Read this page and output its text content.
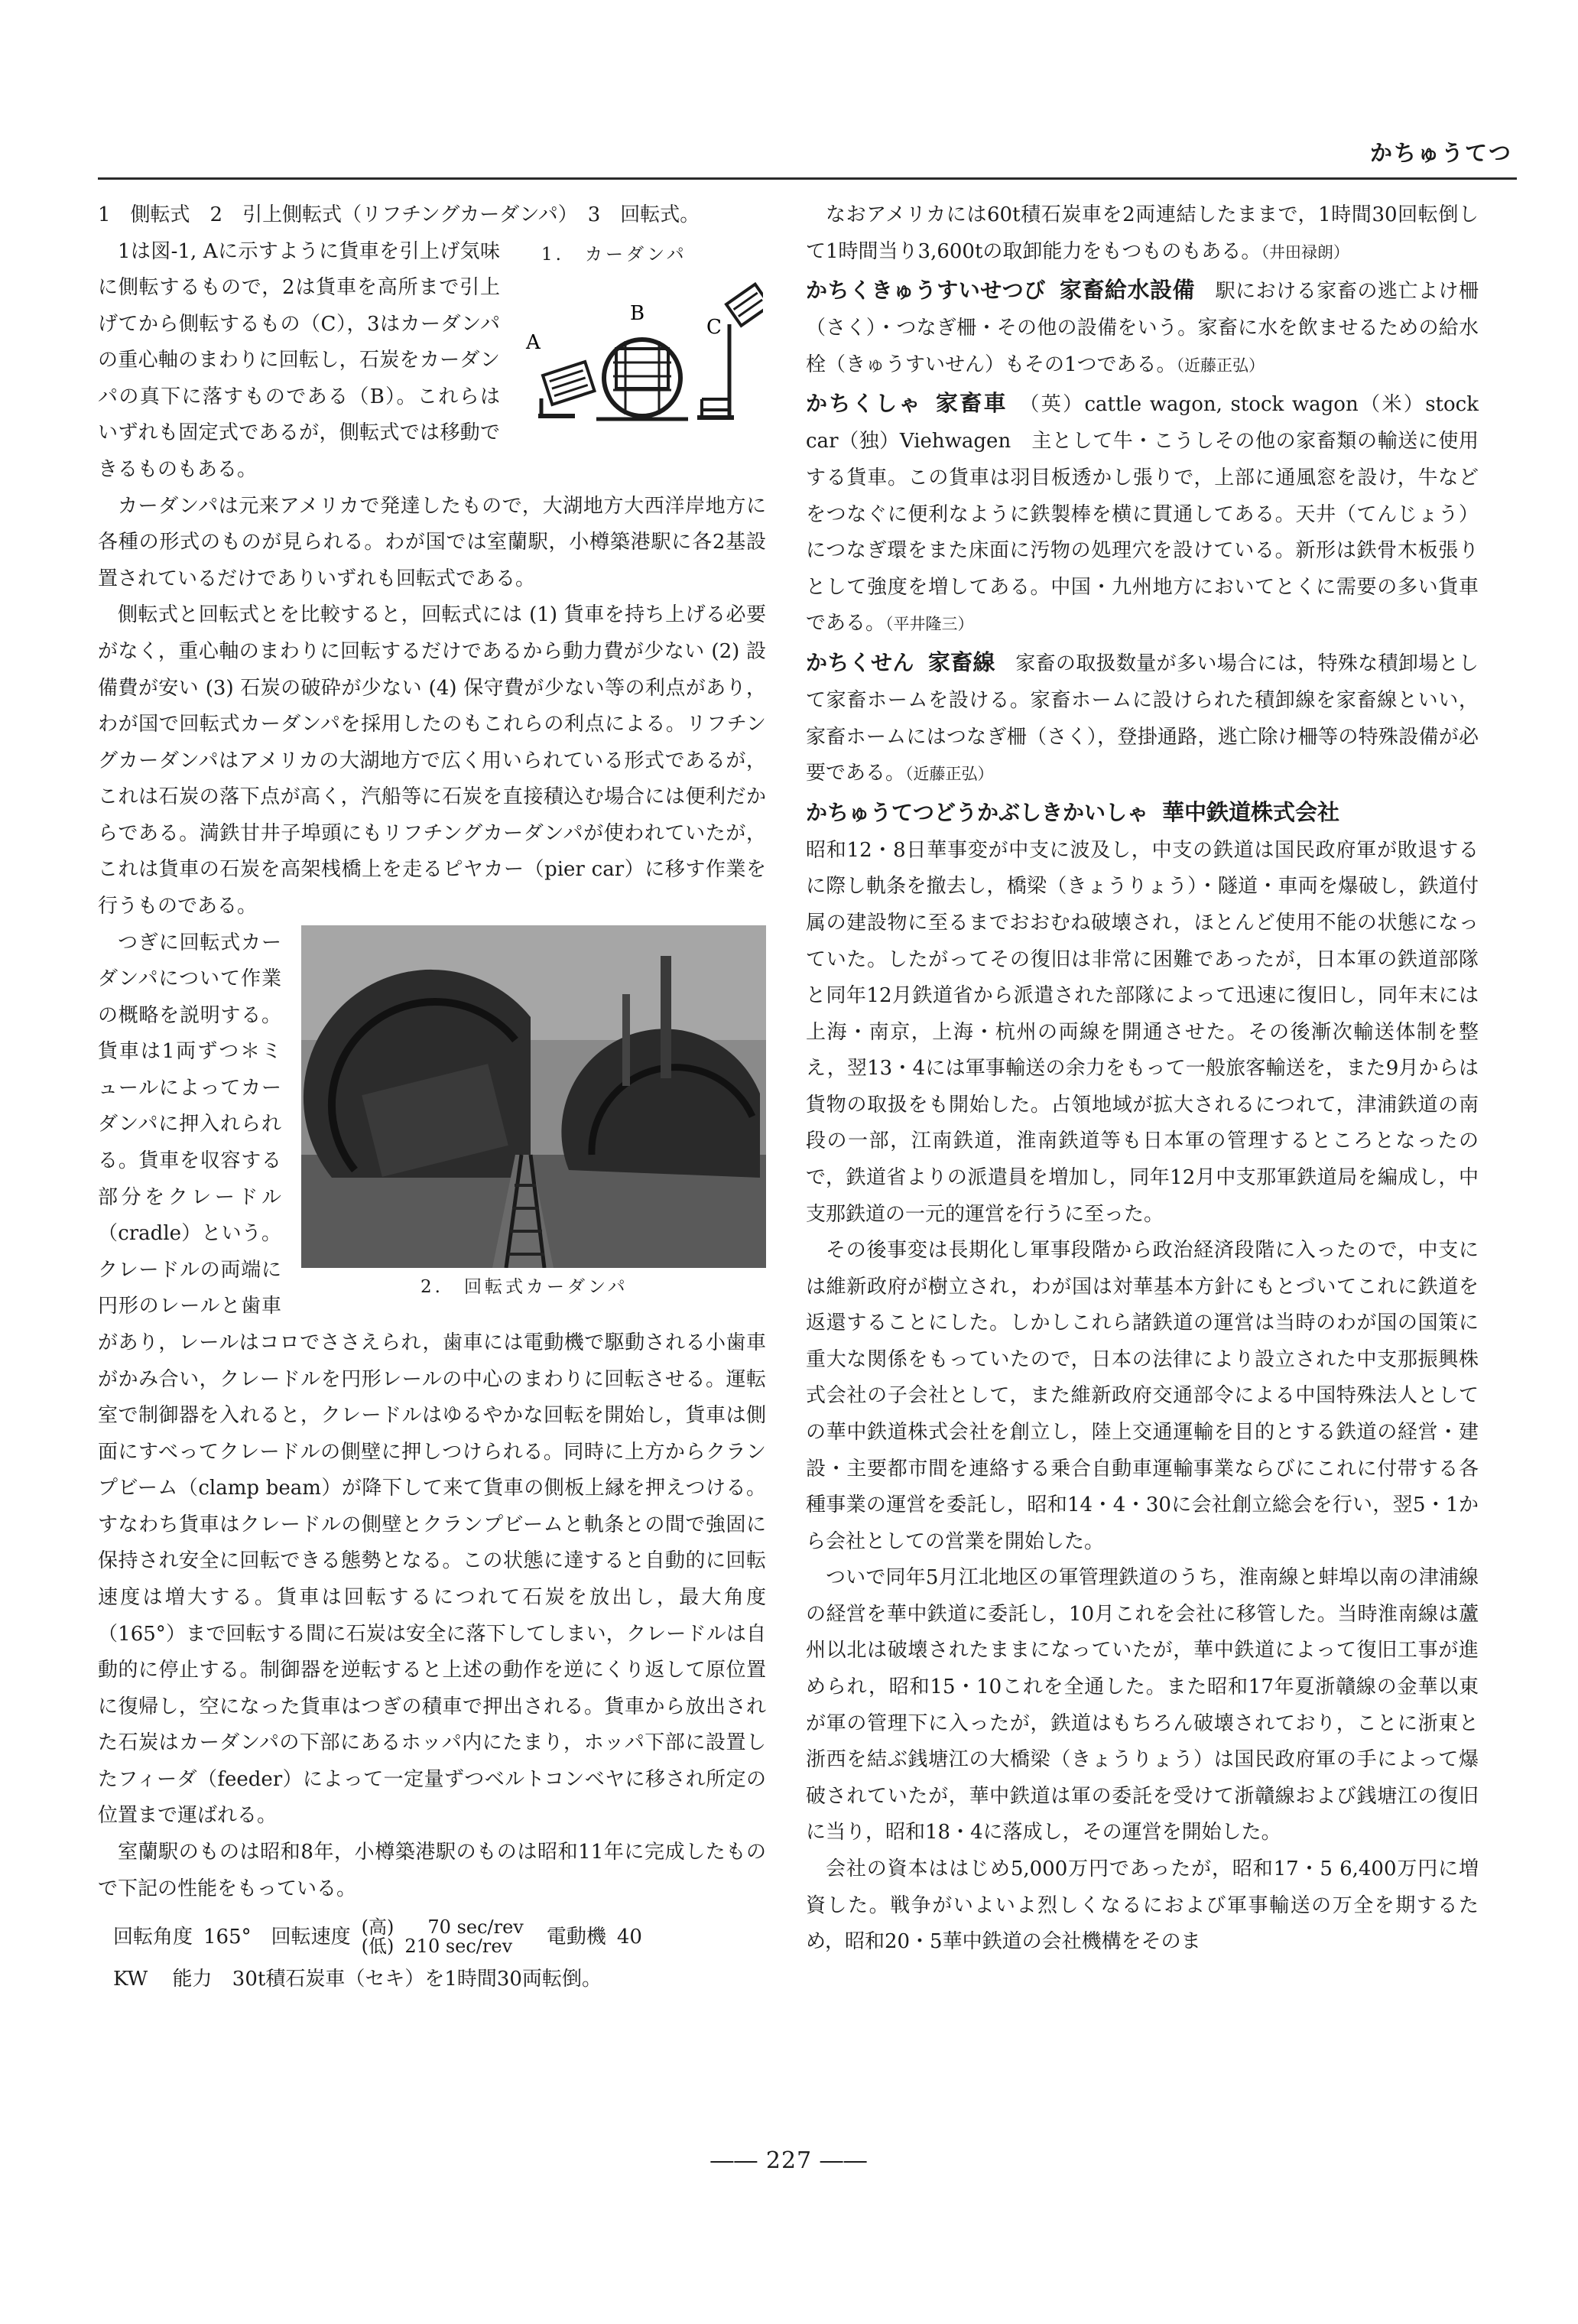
かちゅうてつ

1　側転式　2　引上側転式（リフチングカーダンパ）　3　回転式。

1.　カーダンパ
A
B
C

1は図-1, Aに示すように貨車を引上げ気味に側転するもので，2は貨車を高所まで引上げてから側転するもの（C），3はカーダンパの重心軸のまわりに回転し，石炭をカーダンパの真下に落すものである（B）。これらはいずれも固定式であるが，側転式では移動できるものもある。

カーダンパは元来アメリカで発達したもので，大湖地方大西洋岸地方に各種の形式のものが見られる。わが国では室蘭駅，小樽築港駅に各2基設置されているだけでありいずれも回転式である。

側転式と回転式とを比較すると，回転式には (1) 貨車を持ち上げる必要がなく，重心軸のまわりに回転するだけであるから動力費が少ない (2) 設備費が安い (3) 石炭の破砕が少ない (4) 保守費が少ない等の利点があり，わが国で回転式カーダンパを採用したのもこれらの利点による。リフチングカーダンパはアメリカの大湖地方で広く用いられている形式であるが，これは石炭の落下点が高く，汽船等に石炭を直接積込む場合には便利だからである。満鉄甘井子埠頭にもリフチングカーダンパが使われていたが，これは貨車の石炭を高架桟橋上を走るピヤカー（pier car）に移す作業を行うものである。

2.　回転式カーダンパ

つぎに回転式カーダンパについて作業の概略を説明する。貨車は1両ずつ＊ミュールによってカーダンパに押入れられる。貨車を収容する部分をクレードル（cradle）という。クレードルの両端に円形のレールと歯車があり，レールはコロでささえられ，歯車には電動機で駆動される小歯車がかみ合い，クレードルを円形レールの中心のまわりに回転させる。運転室で制御器を入れると，クレードルはゆるやかな回転を開始し，貨車は側面にすべってクレードルの側壁に押しつけられる。同時に上方からクランプビーム（clamp beam）が降下して来て貨車の側板上縁を押えつける。すなわち貨車はクレードルの側壁とクランプビームと軌条との間で強固に保持され安全に回転できる態勢となる。この状態に達すると自動的に回転速度は増大する。貨車は回転するにつれて石炭を放出し，最大角度（165°）まで回転する間に石炭は安全に落下してしまい，クレードルは自動的に停止する。制御器を逆転すると上述の動作を逆にくり返して原位置に復帰し，空になった貨車はつぎの積車で押出される。貨車から放出された石炭はカーダンパの下部にあるホッパ内にたまり，ホッパ下部に設置したフィーダ（feeder）によって一定量ずつベルトコンベヤに移され所定の位置まで運ばれる。

室蘭駅のものは昭和8年，小樽築港駅のものは昭和11年に完成したもので下記の性能をもっている。

回転角度 165° 回転速度 (高)
(低)
70 sec/rev
210 sec/rev	電動機 40
KW 能力 30t積石炭車（セキ）を1時間30両転倒。

なおアメリカには60t積石炭車を2両連結したままで，1時間30回転倒して1時間当り3,600tの取卸能力をもつものもある。（井田禄朗）

かちくきゅうすいせつび 家畜給水設備　 駅における家畜の逃亡よけ柵（さく）・つなぎ柵・その他の設備をいう。家畜に水を飲ませるための給水栓（きゅうすいせん）もその1つである。（近藤正弘）

かちくしゃ 家畜車　 （英）cattle wagon, stock wagon（米）stock car（独）Viehwagen　主として牛・こうしその他の家畜類の輸送に使用する貨車。この貨車は羽目板透かし張りで，上部に通風窓を設け，牛などをつなぐに便利なように鉄製棒を横に貫通してある。天井（てんじょう）につなぎ環をまた床面に汚物の処理穴を設けている。新形は鉄骨木板張りとして強度を増してある。中国・九州地方においてとくに需要の多い貨車である。（平井隆三）

かちくせん 家畜線　 家畜の取扱数量が多い場合には，特殊な積卸場として家畜ホームを設ける。家畜ホームに設けられた積卸線を家畜線といい，家畜ホームにはつなぎ柵（さく），登掛通路，逃亡除け柵等の特殊設備が必要である。（近藤正弘）

かちゅうてつどうかぶしきかいしゃ 華中鉄道株式会社

昭和12・8日華事変が中支に波及し，中支の鉄道は国民政府軍が敗退するに際し軌条を撤去し，橋梁（きょうりょう）・隧道・車両を爆破し，鉄道付属の建設物に至るまでおおむね破壊され，ほとんど使用不能の状態になっていた。したがってその復旧は非常に困難であったが，日本軍の鉄道部隊と同年12月鉄道省から派遣された部隊によって迅速に復旧し，同年末には上海・南京，上海・杭州の両線を開通させた。その後漸次輸送体制を整え，翌13・4には軍事輸送の余力をもって一般旅客輸送を，また9月からは貨物の取扱をも開始した。占領地域が拡大されるにつれて，津浦鉄道の南段の一部，江南鉄道，淮南鉄道等も日本軍の管理するところとなったので，鉄道省よりの派遣員を増加し，同年12月中支那軍鉄道局を編成し，中支那鉄道の一元的運営を行うに至った。

その後事変は長期化し軍事段階から政治経済段階に入ったので，中支には維新政府が樹立され，わが国は対華基本方針にもとづいてこれに鉄道を返還することにした。しかしこれら諸鉄道の運営は当時のわが国の国策に重大な関係をもっていたので，日本の法律により設立された中支那振興株式会社の子会社として，また維新政府交通部令による中国特殊法人としての華中鉄道株式会社を創立し，陸上交通運輸を目的とする鉄道の経営・建設・主要都市間を連絡する乗合自動車運輸事業ならびにこれに付帯する各種事業の運営を委託し，昭和14・4・30に会社創立総会を行い，翌5・1から会社としての営業を開始した。

ついで同年5月江北地区の軍管理鉄道のうち，淮南線と蚌埠以南の津浦線の経営を華中鉄道に委託し，10月これを会社に移管した。当時淮南線は蘆州以北は破壊されたままになっていたが，華中鉄道によって復旧工事が進められ，昭和15・10これを全通した。また昭和17年夏浙贛線の金華以東が軍の管理下に入ったが，鉄道はもちろん破壊されており，ことに浙東と浙西を結ぶ銭塘江の大橋梁（きょうりょう）は国民政府軍の手によって爆破されていたが，華中鉄道は軍の委託を受けて浙贛線および銭塘江の復旧に当り，昭和18・4に落成し，その運営を開始した。

会社の資本ははじめ5,000万円であったが，昭和17・5 6,400万円に増資した。戦争がいよいよ烈しくなるにおよび軍事輸送の万全を期するため，昭和20・5華中鉄道の会社機構をそのま

―― 227 ――
